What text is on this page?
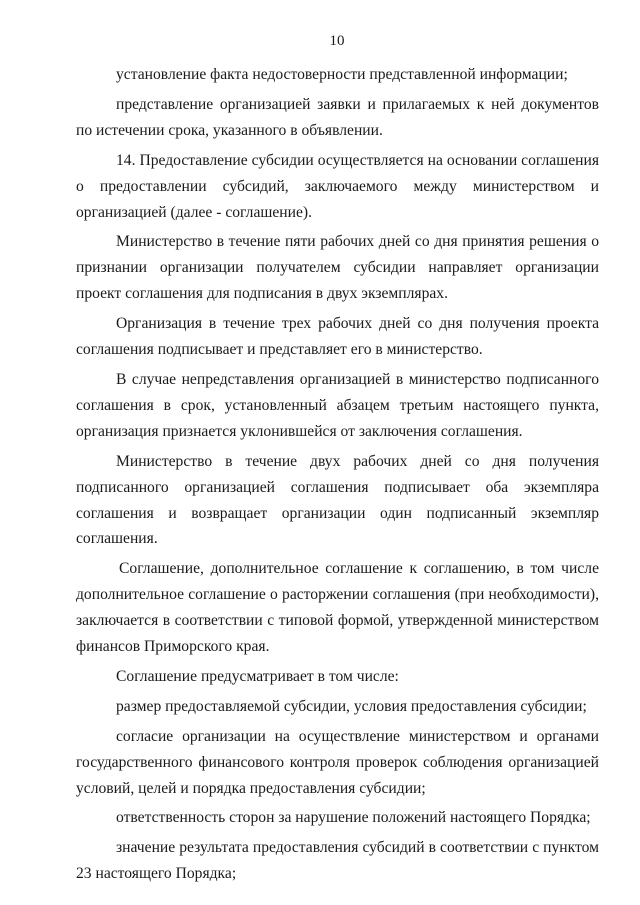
10

установление факта недостоверности представленной информации;

представление организацией заявки и прилагаемых к ней документов по истечении срока, указанного в объявлении.

14. Предоставление субсидии осуществляется на основании соглашения о предоставлении субсидий, заключаемого между министерством и организацией (далее - соглашение).

Министерство в течение пяти рабочих дней со дня принятия решения о признании организации получателем субсидии направляет организации проект соглашения для подписания в двух экземплярах.

Организация в течение трех рабочих дней со дня получения проекта соглашения подписывает и представляет его в министерство.

В случае непредставления организацией в министерство подписанного соглашения в срок, установленный абзацем третьим настоящего пункта, организация признается уклонившейся от заключения соглашения.

Министерство в течение двух рабочих дней со дня получения подписанного организацией соглашения подписывает оба экземпляра соглашения и возвращает организации один подписанный экземпляр соглашения.

Соглашение, дополнительное соглашение к соглашению, в том числе дополнительное соглашение о расторжении соглашения (при необходимости), заключается в соответствии с типовой формой, утвержденной министерством финансов Приморского края.

Соглашение предусматривает в том числе:

размер предоставляемой субсидии, условия предоставления субсидии;

согласие организации на осуществление министерством и органами государственного финансового контроля проверок соблюдения организацией условий, целей и порядка предоставления субсидии;

ответственность сторон за нарушение положений настоящего Порядка;

значение результата предоставления субсидий в соответствии с пунктом 23 настоящего Порядка;
